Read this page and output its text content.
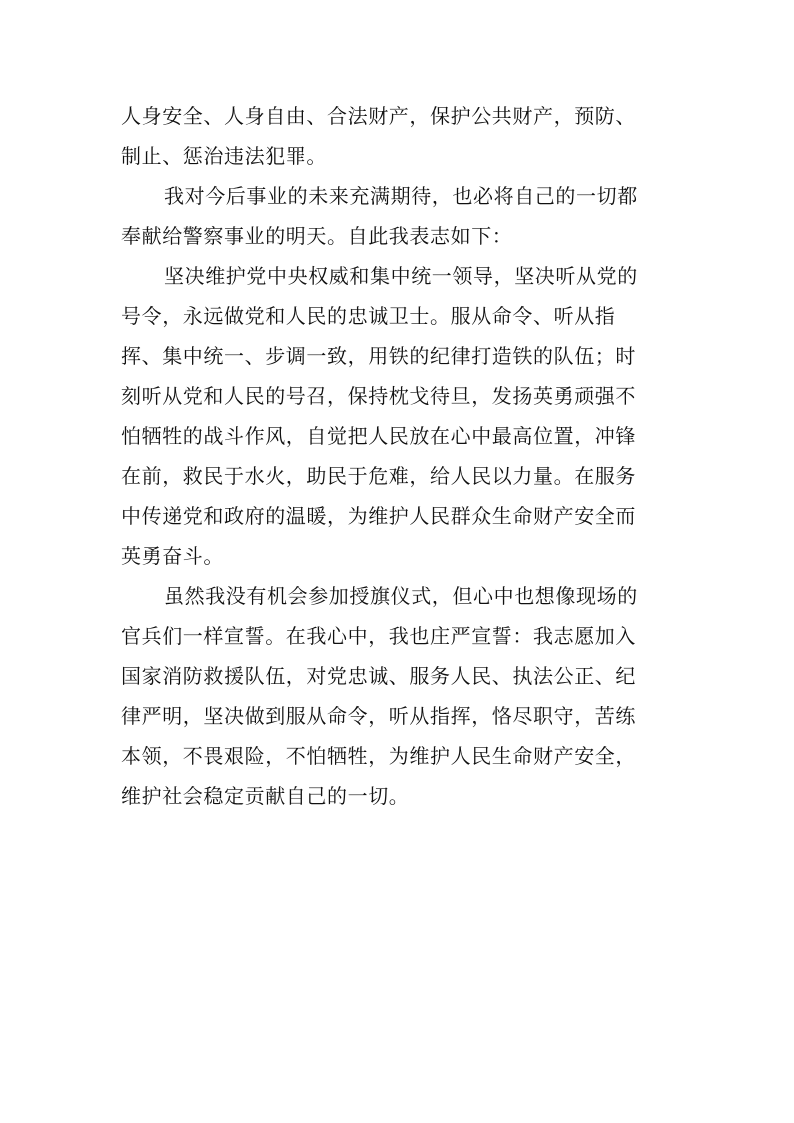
人身安全、人身自由、合法财产，保护公共财产，预防、
制止、惩治违法犯罪。
我对今后事业的未来充满期待，也必将自己的一切都
奉献给警察事业的明天。自此我表志如下：
坚决维护党中央权威和集中统一领导，坚决听从党的
号令，永远做党和人民的忠诚卫士。服从命令、听从指
挥、集中统一、步调一致，用铁的纪律打造铁的队伍；时
刻听从党和人民的号召，保持枕戈待旦，发扬英勇顽强不
怕牺牲的战斗作风，自觉把人民放在心中最高位置，冲锋
在前，救民于水火，助民于危难，给人民以力量。在服务
中传递党和政府的温暖，为维护人民群众生命财产安全而
英勇奋斗。
虽然我没有机会参加授旗仪式，但心中也想像现场的
官兵们一样宣誓。在我心中，我也庄严宣誓：我志愿加入
国家消防救援队伍，对党忠诚、服务人民、执法公正、纪
律严明，坚决做到服从命令，听从指挥，恪尽职守，苦练
本领，不畏艰险，不怕牺牲，为维护人民生命财产安全，
维护社会稳定贡献自己的一切。
